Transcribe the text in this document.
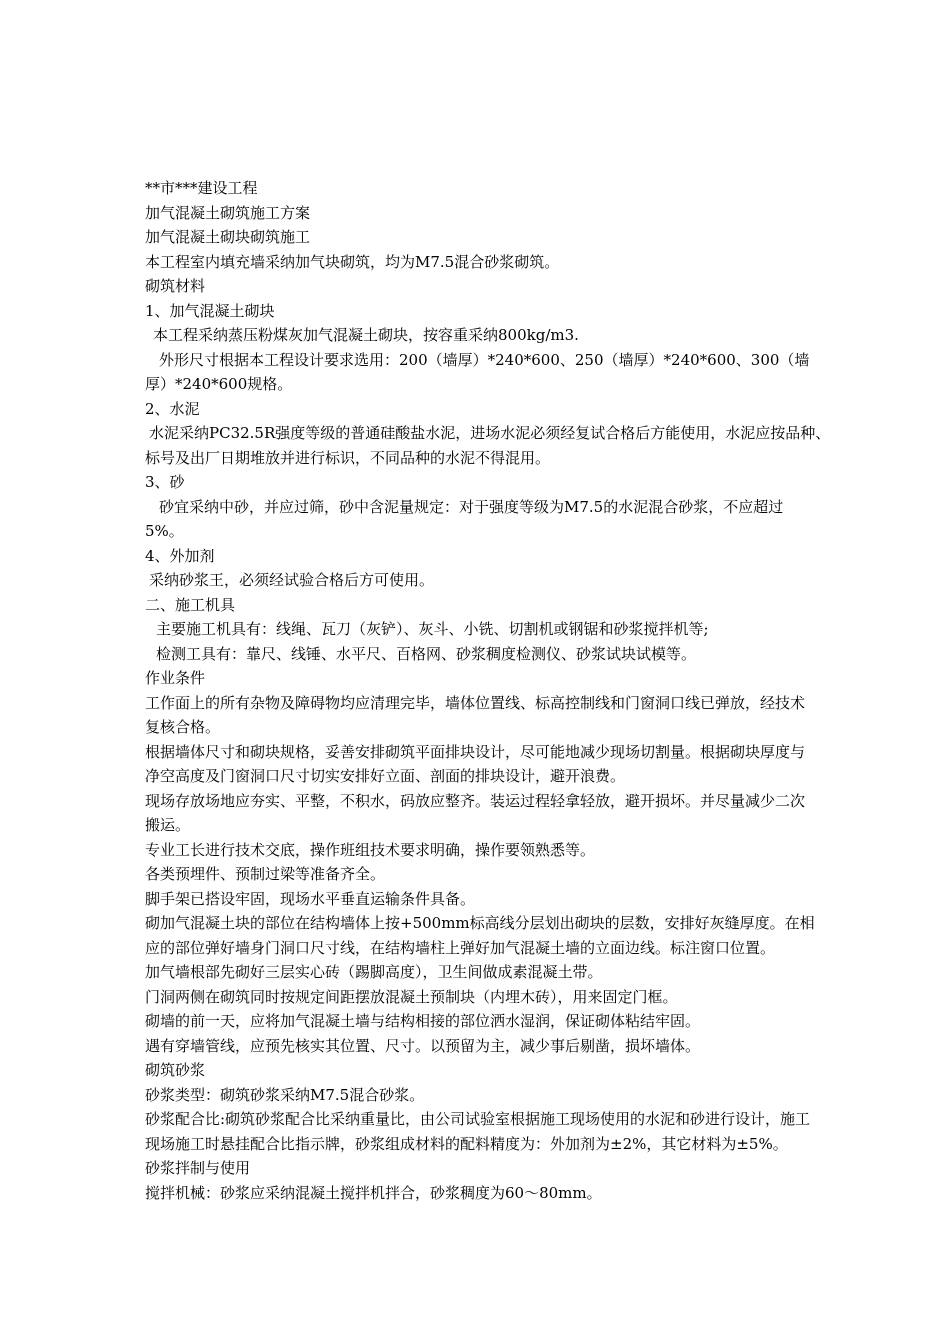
**市***建设工程
加气混凝土砌筑施工方案
加气混凝土砌块砌筑施工
本工程室内填充墙采纳加气块砌筑，均为M7.5混合砂浆砌筑。
砌筑材料
1、加气混凝土砌块
本工程采纳蒸压粉煤灰加气混凝土砌块，按容重采纳800kg/m3.
外形尺寸根据本工程设计要求选用：200（墙厚）*240*600、250（墙厚）*240*600、300（墙
厚）*240*600规格。
2、水泥
水泥采纳PC32.5R强度等级的普通硅酸盐水泥，进场水泥必须经复试合格后方能使用，水泥应按品种、
标号及出厂日期堆放并进行标识，不同品种的水泥不得混用。
3、砂
砂宜采纳中砂，并应过筛，砂中含泥量规定：对于强度等级为M7.5的水泥混合砂浆，不应超过
5%。
4、外加剂
采纳砂浆王，必须经试验合格后方可使用。
二、施工机具
主要施工机具有：线绳、瓦刀（灰铲）、灰斗、小铣、切割机或钢锯和砂浆搅拌机等;
检测工具有：靠尺、线锤、水平尺、百格网、砂浆稠度检测仪、砂浆试块试模等。
作业条件
工作面上的所有杂物及障碍物均应清理完毕，墙体位置线、标高控制线和门窗洞口线已弹放，经技术
复核合格。
根据墙体尺寸和砌块规格，妥善安排砌筑平面排块设计，尽可能地减少现场切割量。根据砌块厚度与
净空高度及门窗洞口尺寸切实安排好立面、剖面的排块设计，避开浪费。
现场存放场地应夯实、平整，不积水，码放应整齐。装运过程轻拿轻放，避开损坏。并尽量减少二次
搬运。
专业工长进行技术交底，操作班组技术要求明确，操作要领熟悉等。
各类预埋件、预制过梁等准备齐全。
脚手架已搭设牢固，现场水平垂直运输条件具备。
砌加气混凝土块的部位在结构墙体上按+500mm标高线分层划出砌块的层数，安排好灰缝厚度。在相
应的部位弹好墙身门洞口尺寸线，在结构墙柱上弹好加气混凝土墙的立面边线。标注窗口位置。
加气墙根部先砌好三层实心砖（踢脚高度），卫生间做成素混凝土带。
门洞两侧在砌筑同时按规定间距摆放混凝土预制块（内埋木砖），用来固定门框。
砌墙的前一天，应将加气混凝土墙与结构相接的部位洒水湿润，保证砌体粘结牢固。
遇有穿墙管线，应预先核实其位置、尺寸。以预留为主，减少事后剔凿，损坏墙体。
砌筑砂浆
砂浆类型：砌筑砂浆采纳M7.5混合砂浆。
砂浆配合比:砌筑砂浆配合比采纳重量比，由公司试验室根据施工现场使用的水泥和砂进行设计，施工
现场施工时悬挂配合比指示牌，砂浆组成材料的配料精度为：外加剂为±2%，其它材料为±5%。
砂浆拌制与使用
搅拌机械：砂浆应采纳混凝土搅拌机拌合，砂浆稠度为60～80mm。
